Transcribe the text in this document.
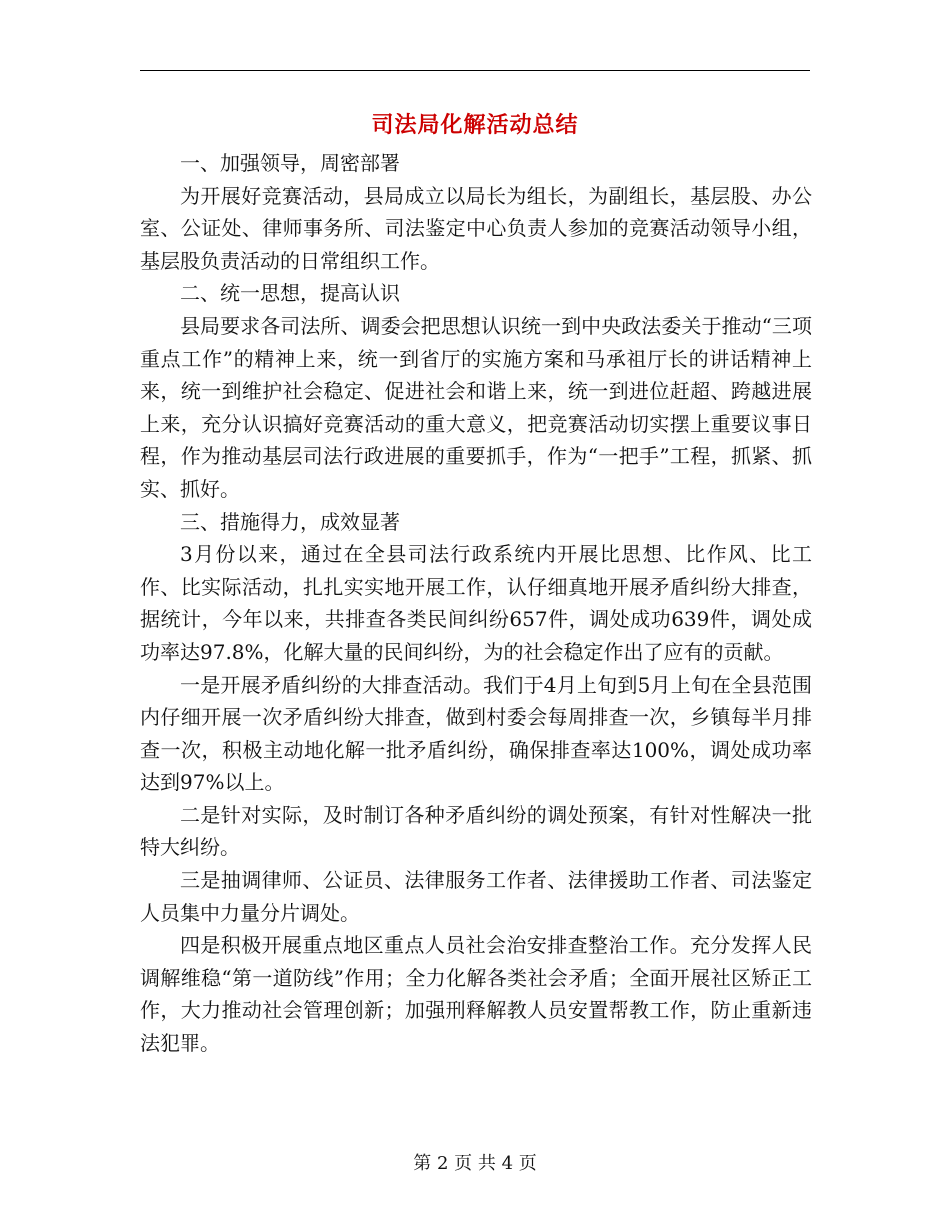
司法局化解活动总结

一、加强领导，周密部署

为开展好竞赛活动，县局成立以局长为组长，为副组长，基层股、办公室、公证处、律师事务所、司法鉴定中心负责人参加的竞赛活动领导小组，基层股负责活动的日常组织工作。

二、统一思想，提高认识

县局要求各司法所、调委会把思想认识统一到中央政法委关于推动“三项重点工作”的精神上来，统一到省厅的实施方案和马承祖厅长的讲话精神上来，统一到维护社会稳定、促进社会和谐上来，统一到进位赶超、跨越进展上来，充分认识搞好竞赛活动的重大意义，把竞赛活动切实摆上重要议事日程，作为推动基层司法行政进展的重要抓手，作为“一把手”工程，抓紧、抓实、抓好。

三、措施得力，成效显著

3月份以来，通过在全县司法行政系统内开展比思想、比作风、比工作、比实际活动，扎扎实实地开展工作，认仔细真地开展矛盾纠纷大排查，据统计，今年以来，共排查各类民间纠纷657件，调处成功639件，调处成功率达97.8%，化解大量的民间纠纷，为的社会稳定作出了应有的贡献。

一是开展矛盾纠纷的大排查活动。我们于4月上旬到5月上旬在全县范围内仔细开展一次矛盾纠纷大排查，做到村委会每周排查一次，乡镇每半月排查一次，积极主动地化解一批矛盾纠纷，确保排查率达100%，调处成功率达到97%以上。

二是针对实际，及时制订各种矛盾纠纷的调处预案，有针对性解决一批特大纠纷。

三是抽调律师、公证员、法律服务工作者、法律援助工作者、司法鉴定人员集中力量分片调处。

四是积极开展重点地区重点人员社会治安排查整治工作。充分发挥人民调解维稳“第一道防线”作用；全力化解各类社会矛盾；全面开展社区矫正工作，大力推动社会管理创新；加强刑释解教人员安置帮教工作，防止重新违法犯罪。

第 2 页 共 4 页
